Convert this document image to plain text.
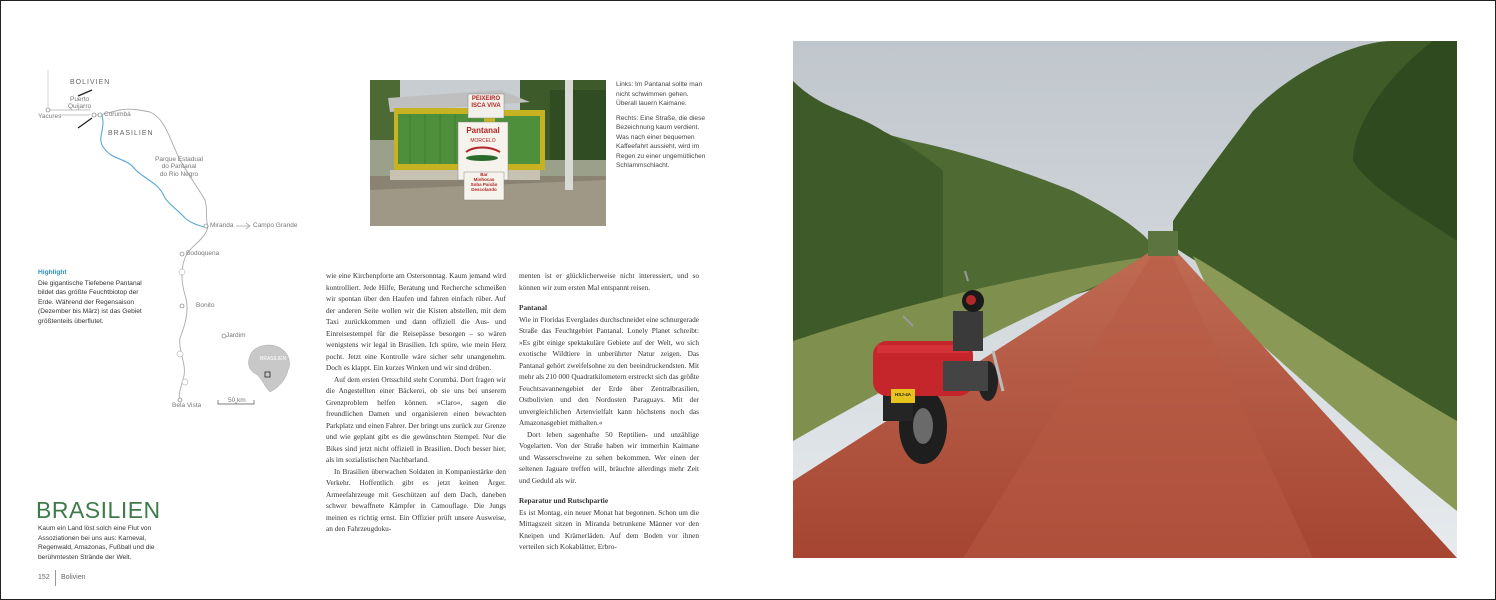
BOLIVIEN
Puerto
Quijarro
Yacures	Corumbá
BRASILIEN
Parque Estadual
do Pantanal
do Rio Negro
Miranda	Campo Grande
Bodoquena
Bonito
Jardim
Bela Vista
50 km
BRASILIEN
Highlight
Die gigantische Tiefebene Pantanal bildet das größte Feuchtbiotop der Erde. Während der Regensaison (Dezember bis März) ist das Gebiet größtenteils überflutet.
BRASILIEN
Kaum ein Land löst solch eine Flut von Assoziationen bei uns aus: Karneval, Regenwald, Amazonas, Fußball und die berühmtesten Strände der Welt.
152 Bolivien
PEIXEIRO
ISCA VIVA
Pantanal
MORCELO
Bar
Minhocas
Soba Paixão
Descolando

Links: Im Pantanal sollte man nicht schwimmen gehen. Überall lauern Kaimane.

Rechts: Eine Straße, die diese Bezeichnung kaum verdient. Was nach einer bequemen Kaffeefahrt aussieht, wird im Regen zu einer ungemütlichen Schlammschlacht.

wie eine Kirchenpforte am Ostersonntag. Kaum jemand wird kontrolliert. Jede Hilfe, Beratung und Recherche schmeißen wir spontan über den Haufen und fahren einfach rüber. Auf der anderen Seite wollen wir die Kisten abstellen, mit dem Taxi zurückkommen und dann offiziell die Aus- und Einreisestempel für die Reisepässe besorgen – so wären wenigstens wir legal in Brasilien. Ich spüre, wie mein Herz pocht. Jetzt eine Kontrolle wäre sicher sehr unangenehm. Doch es klappt. Ein kurzes Winken und wir sind drüben.

Auf dem ersten Ortsschild steht Corumbá. Dort fragen wir die Angestellten einer Bäckerei, ob sie uns bei unserem Grenzproblem helfen können. »Claro«, sagen die freundlichen Damen und organisieren einen bewachten Parkplatz und einen Fahrer. Der bringt uns zurück zur Grenze und wie geplant gibt es die gewünschten Stempel. Nur die Bikes sind jetzt nicht offiziell in Brasilien. Doch besser hier, als im sozialistischen Nachbarland.

In Brasilien überwachen Soldaten in Kompaniestärke den Verkehr. Hoffentlich gibt es jetzt keinen Ärger. Armeefahrzeuge mit Geschützen auf dem Dach, daneben schwer bewaffnete Kämpfer in Camouflage. Die Jungs meinen es richtig ernst. Ein Offizier prüft unsere Ausweise, an den Fahrzeugdoku-

menten ist er glücklicherweise nicht interessiert, und so können wir zum ersten Mal entspannt reisen.

Pantanal

Wie in Floridas Everglades durchschneidet eine schnurgerade Straße das Feuchtgebiet Pantanal. Lonely Planet schreibt: »Es gibt einige spektakuläre Gebiete auf der Welt, wo sich exotische Wildtiere in unberührter Natur zeigen. Das Pantanal gehört zweifelsohne zu den beeindruckendsten. Mit mehr als 210 000 Quadratkilometern erstreckt sich das größte Feuchtsavannengebiet der Erde über Zentralbrasilien, Ostbolivien und den Nordosten Paraguays. Mit der unvergleichlichen Artenvielfalt kann höchstens noch das Amazonasgebiet mithalten.«

Dort leben sagenhafte 50 Reptilien- und unzählige Vogelarten. Von der Straße haben wir immerhin Kaimane und Wasserschweine zu sehen bekommen. Wer einen der seltenen Jaguare treffen will, bräuchte allerdings mehr Zeit und Geduld als wir.

Reparatur und Rutschpartie

Es ist Montag, ein neuer Monat hat begonnen. Schon um die Mittagszeit sitzen in Miranda betrunkene Männer vor den Kneipen und Krämerläden. Auf dem Boden vor ihnen verteilen sich Kokablätter, Erbro-

HSJ-4A
